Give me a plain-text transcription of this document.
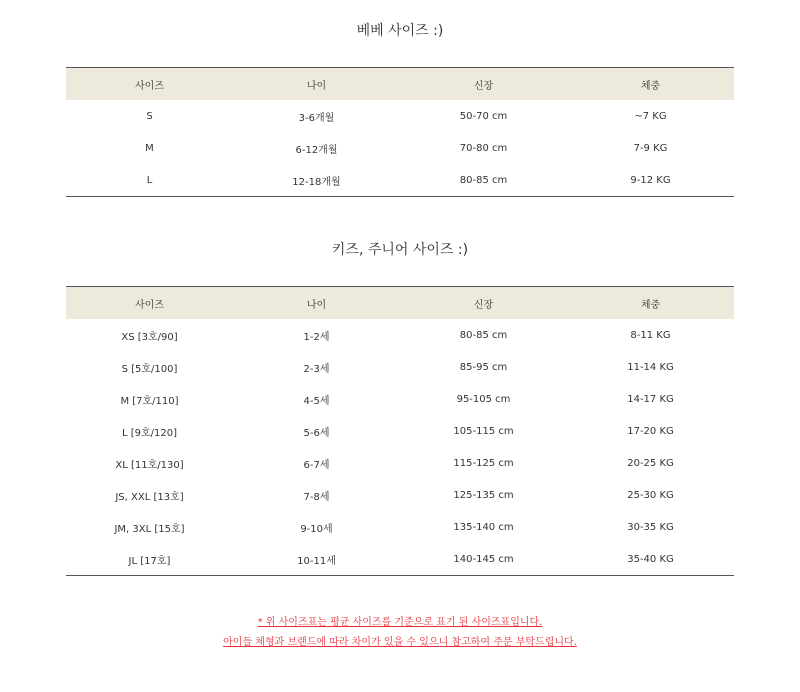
베베 사이즈 :)
사이즈	나이	신장	체중
S	3-6개월	50-70 cm	~7 KG
M	6-12개월	70-80 cm	7-9 KG
L	12-18개월	80-85 cm	9-12 KG
키즈, 주니어 사이즈 :)
사이즈	나이	신장	체중
XS [3호/90]	1-2세	80-85 cm	8-11 KG
S [5호/100]	2-3세	85-95 cm	11-14 KG
M [7호/110]	4-5세	95-105 cm	14-17 KG
L [9호/120]	5-6세	105-115 cm	17-20 KG
XL [11호/130]	6-7세	115-125 cm	20-25 KG
JS, XXL [13호]	7-8세	125-135 cm	25-30 KG
JM, 3XL [15호]	9-10세	135-140 cm	30-35 KG
JL [17호]	10-11세	140-145 cm	35-40 KG
* 위 사이즈표는 평균 사이즈를 기준으로 표기 된 사이즈표입니다.
아이들 체형과 브랜드에 따라 차이가 있을 수 있으니 참고하여 주문 부탁드립니다.
